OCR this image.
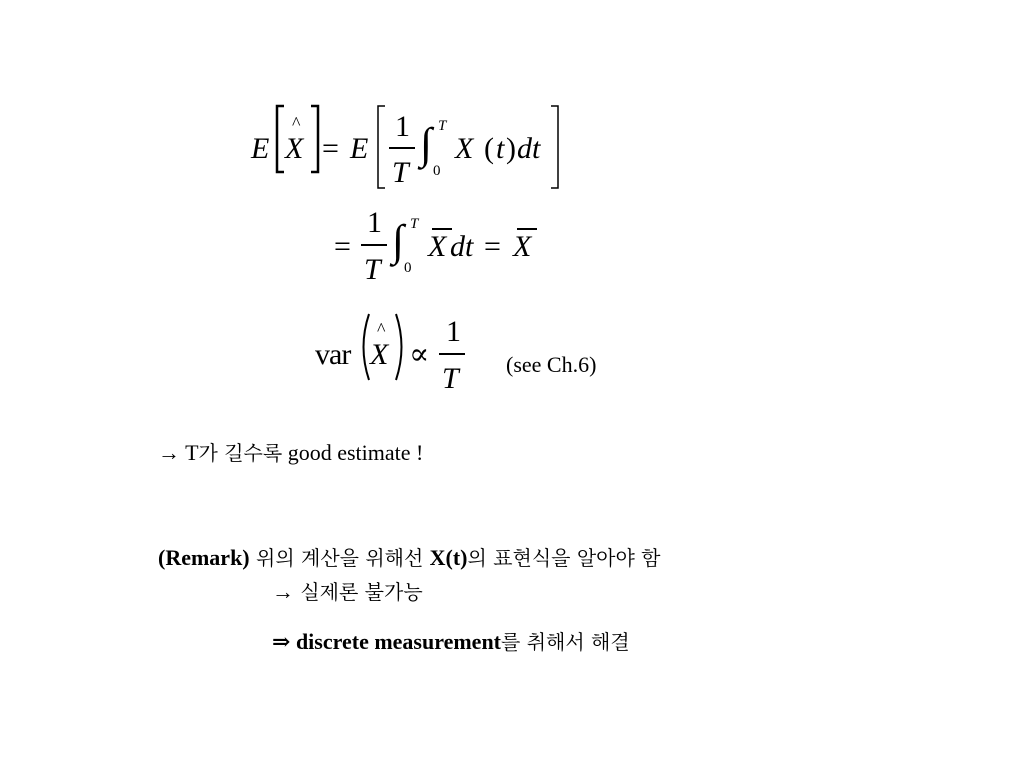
E
^
X = E
1
T
∫ T
0
X ( t ) dt
=
1
T
∫ T
0
X dt = X
var
^
X ∝
1
T (see Ch.6)
→ T가 길수록 good estimate !
(Remark) 위의 계산을 위해선 X(t)의 표현식을 알아야 함
→ 실제론 불가능
⇒ discrete measurement를 취해서 해결
